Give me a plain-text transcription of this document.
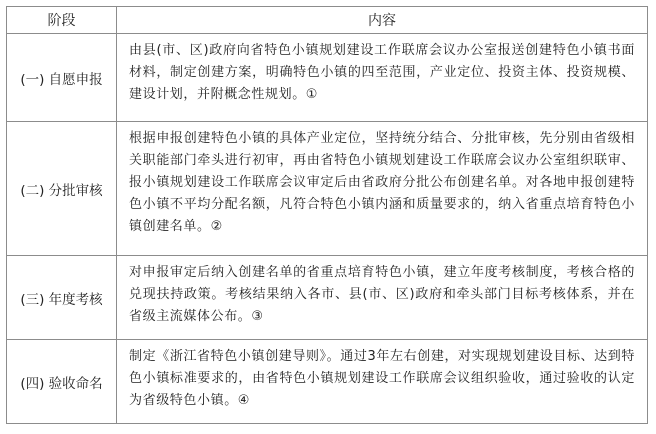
阶段	内容
(一) 自愿申报	由县(市、区)政府向省特色小镇规划建设工作联席会议办公室报送创建特色小镇书面材料，制定创建方案，明确特色小镇的四至范围，产业定位、投资主体、投资规模、建设计划，并附概念性规划。①
(二) 分批审核	根据申报创建特色小镇的具体产业定位，坚持统分结合、分批审核，先分别由省级相关职能部门牵头进行初审，再由省特色小镇规划建设工作联席会议办公室组织联审、报小镇规划建设工作联席会议审定后由省政府分批公布创建名单。对各地申报创建特色小镇不平均分配名额，凡符合特色小镇内涵和质量要求的，纳入省重点培育特色小镇创建名单。②
(三) 年度考核	对申报审定后纳入创建名单的省重点培育特色小镇，建立年度考核制度，考核合格的兑现扶持政策。考核结果纳入各市、县(市、区)政府和牵头部门目标考核体系，并在省级主流媒体公布。③
(四) 验收命名	制定《浙江省特色小镇创建导则》。通过3年左右创建，对实现规划建设目标、达到特色小镇标准要求的，由省特色小镇规划建设工作联席会议组织验收，通过验收的认定为省级特色小镇。④
